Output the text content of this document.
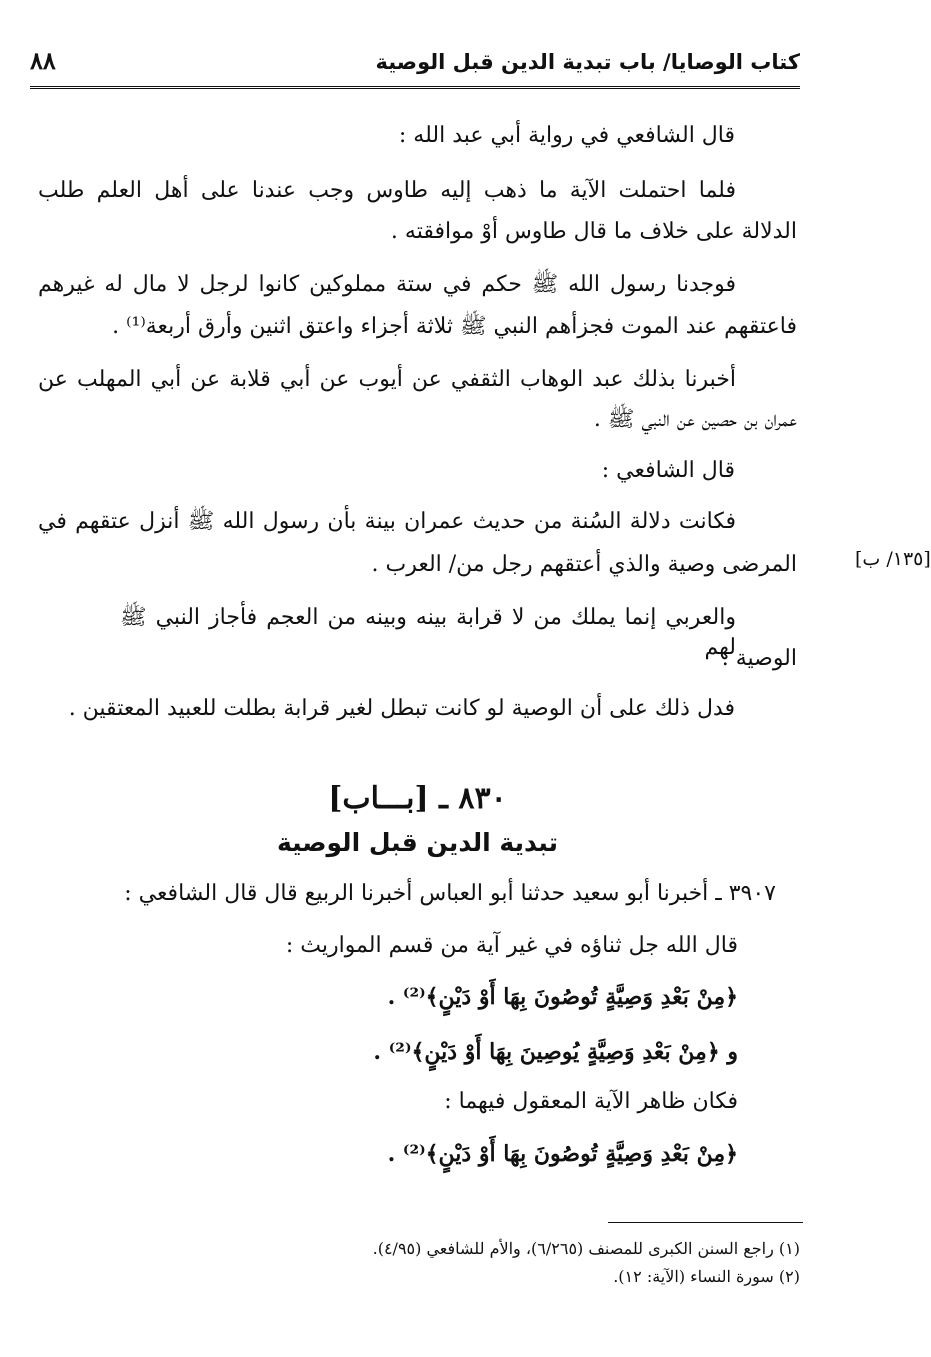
كتاب الوصايا/ باب تبدية الدين قبل الوصية
٨٨
قال الشافعي في رواية أبي عبد الله :
فلما احتملت الآية ما ذهب إليه طاوس وجب عندنا على أهل العلم طلب
الدلالة على خلاف ما قال طاوس أوْ موافقته .
فوجدنا رسول الله ﷺ حكم في ستة مملوكين كانوا لرجل لا مال له غيرهم
فاعتقهم عند الموت فجزأهم النبي ﷺ ثلاثة أجزاء واعتق اثنين وأرق أربعة⁽¹⁾ .
أخبرنا بذلك عبد الوهاب الثقفي عن أيوب عن أبي قلابة عن أبي المهلب عن
عمران بن حصين عن النبي ﷺ .
قال الشافعي :
فكانت دلالة السُنة من حديث عمران بينة بأن رسول الله ﷺ أنزل عتقهم في
المرضى وصية والذي أعتقهم رجل من/ العرب .	[١٣٥/ ب]
والعربي إنما يملك من لا قرابة بينه وبينه من العجم فأجاز النبي ﷺ لهم
الوصية .
فدل ذلك على أن الوصية لو كانت تبطل لغير قرابة بطلت للعبيد المعتقين .
٨٣٠ ـ [بـــاب]
تبدية الدين قبل الوصية
٣٩٠٧ ـ أخبرنا أبو سعيد حدثنا أبو العباس أخبرنا الربيع قال قال الشافعي :
قال الله جل ثناؤه في غير آية من قسم المواريث :
﴿مِنْ بَعْدِ وَصِيَّةٍ تُوصُونَ بِهَا أَوْ دَيْنٍ﴾⁽²⁾ .
و ﴿مِنْ بَعْدِ وَصِيَّةٍ يُوصِينَ بِهَا أَوْ دَيْنٍ﴾⁽²⁾ .
فكان ظاهر الآية المعقول فيهما :
﴿مِنْ بَعْدِ وَصِيَّةٍ تُوصُونَ بِهَا أَوْ دَيْنٍ﴾⁽²⁾ .
(١) راجع السنن الكبرى للمصنف (٦/٢٦٥)، والأم للشافعي (٤/٩٥).
(٢) سورة النساء (الآية: ١٢).
